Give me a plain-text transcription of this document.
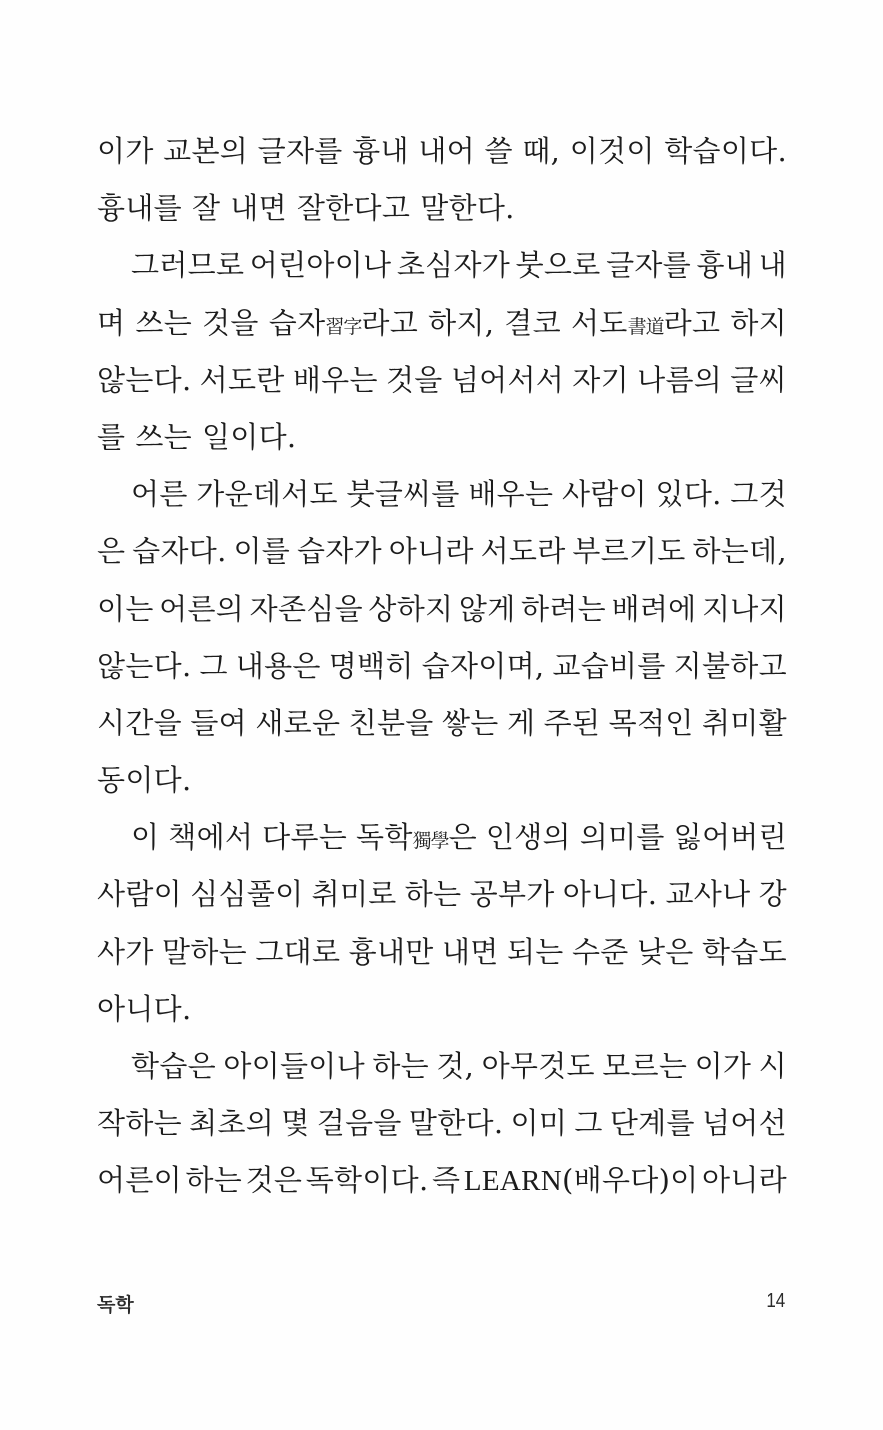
이가 교본의 글자를 흉내 내어 쓸 때, 이것이 학습이다.
흉내를 잘 내면 잘한다고 말한다.
그러므로 어린아이나 초심자가 붓으로 글자를 흉내 내
며 쓰는 것을 습자習字라고 하지, 결코 서도書道라고 하지
않는다. 서도란 배우는 것을 넘어서서 자기 나름의 글씨
를 쓰는 일이다.
어른 가운데서도 붓글씨를 배우는 사람이 있다. 그것
은 습자다. 이를 습자가 아니라 서도라 부르기도 하는데,
이는 어른의 자존심을 상하지 않게 하려는 배려에 지나지
않는다. 그 내용은 명백히 습자이며, 교습비를 지불하고
시간을 들여 새로운 친분을 쌓는 게 주된 목적인 취미활
동이다.
이 책에서 다루는 독학獨學은 인생의 의미를 잃어버린
사람이 심심풀이 취미로 하는 공부가 아니다. 교사나 강
사가 말하는 그대로 흉내만 내면 되는 수준 낮은 학습도
아니다.
학습은 아이들이나 하는 것, 아무것도 모르는 이가 시
작하는 최초의 몇 걸음을 말한다. 이미 그 단계를 넘어선
어른이 하는 것은 독학이다. 즉 LEARN(배우다)이 아니라
독학	14
